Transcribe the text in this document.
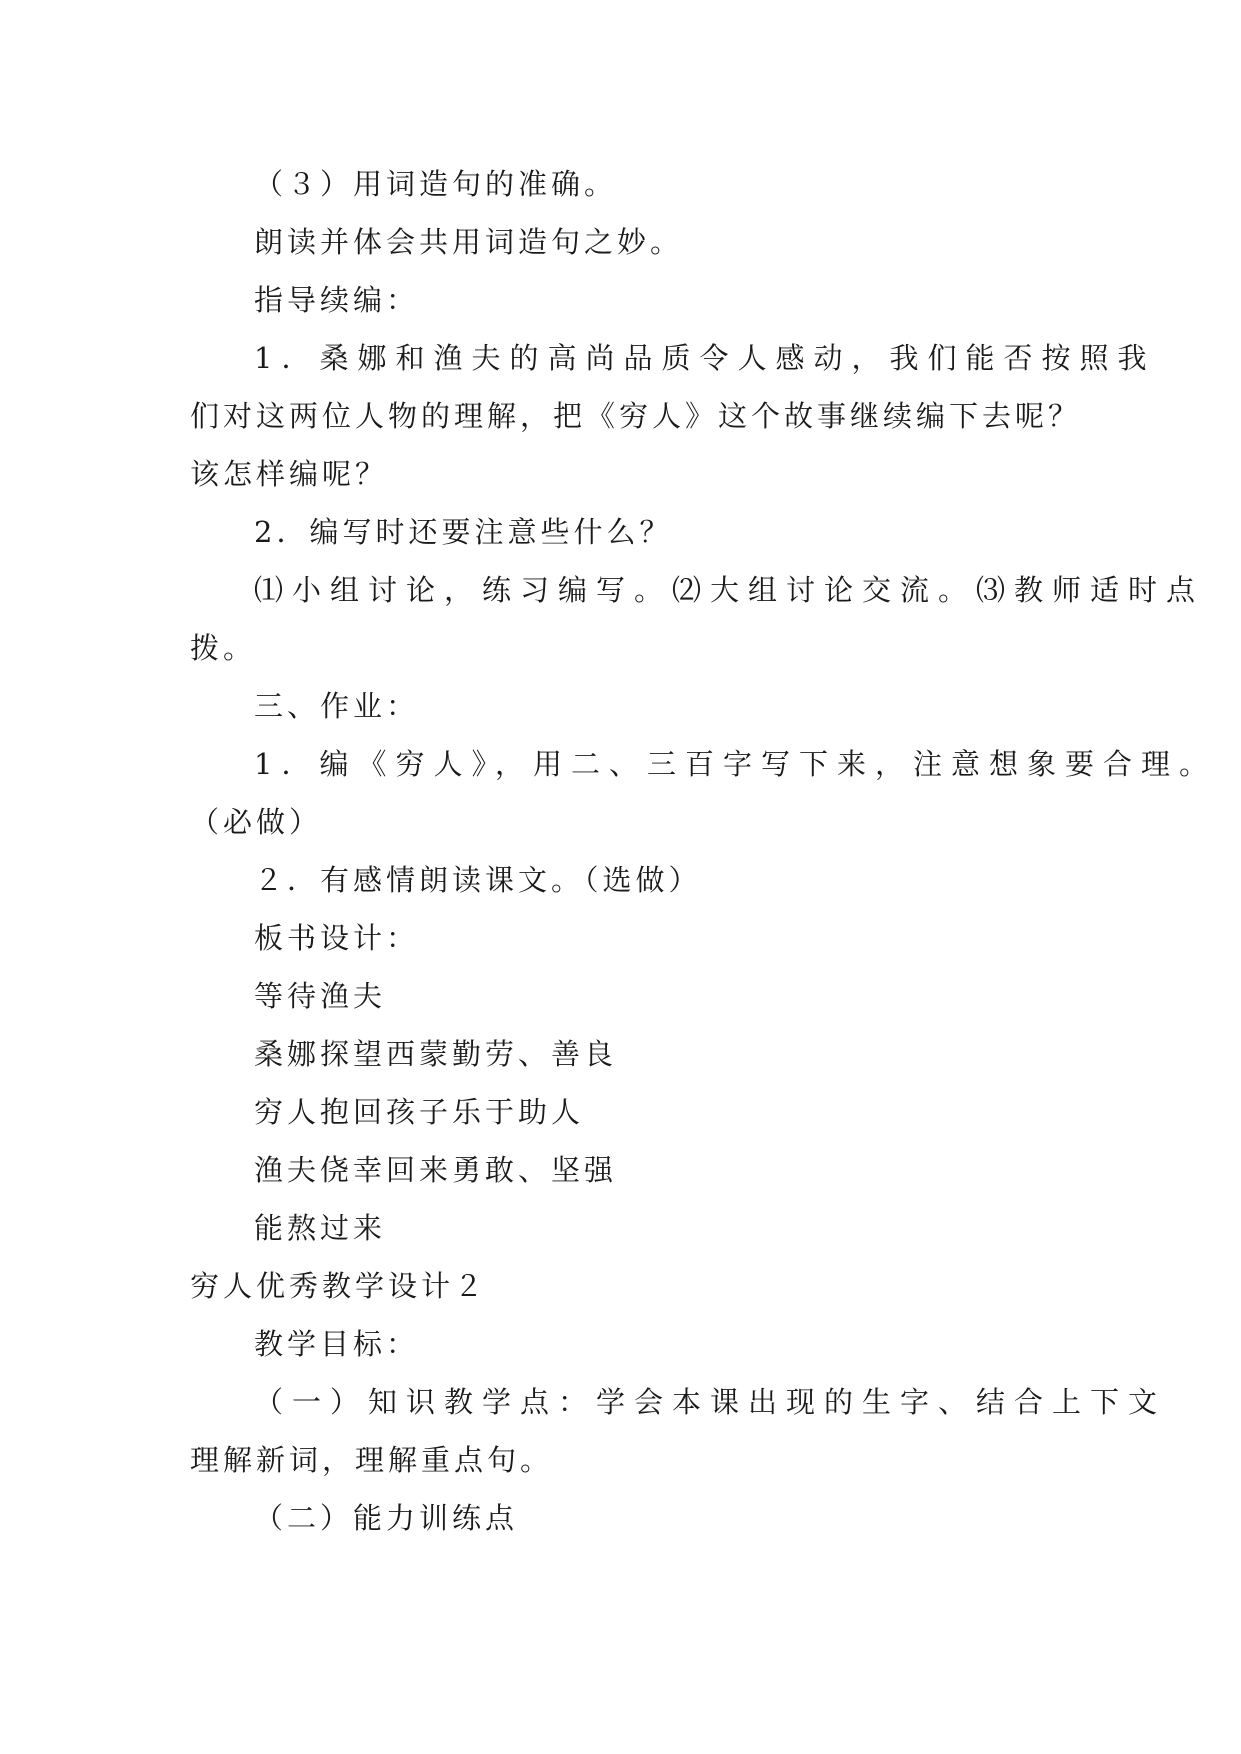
（３）用词造句的准确。
朗读并体会共用词造句之妙。
指导续编：
1．桑娜和渔夫的高尚品质令人感动，我们能否按照我
们对这两位人物的理解，把《穷人》这个故事继续编下去呢？
该怎样编呢？
2．编写时还要注意些什么？
⑴小组讨论，练习编写。⑵大组讨论交流。⑶教师适时点
拨。
三、作业：
1．编《穷人》，用二、三百字写下来，注意想象要合理。
（必做）
２．有感情朗读课文。（选做）
板书设计：
等待渔夫
桑娜探望西蒙勤劳、善良
穷人抱回孩子乐于助人
渔夫侥幸回来勇敢、坚强
能熬过来
穷人优秀教学设计２
教学目标：
（一）知识教学点：学会本课出现的生字、结合上下文
理解新词，理解重点句。
（二）能力训练点
